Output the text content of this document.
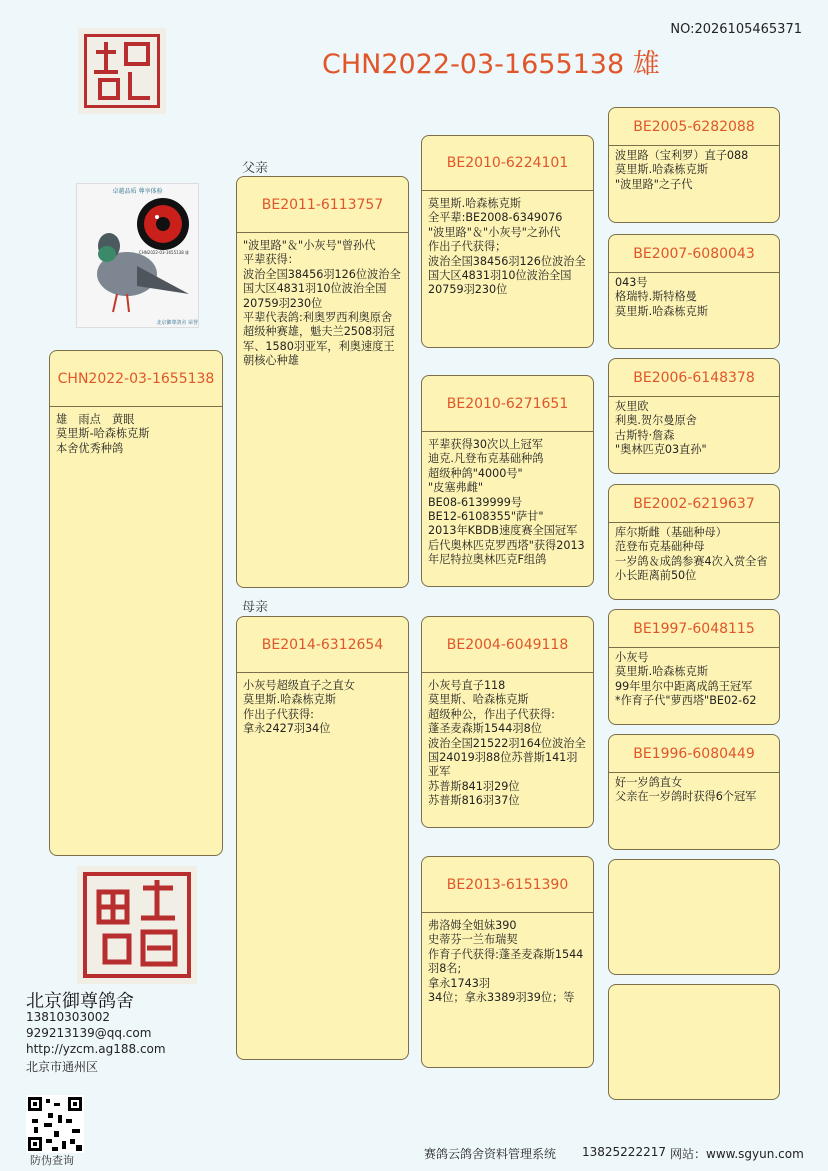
NO:2026105465371
CHN2022-03-1655138 雄
卓越品质 尊享体验
CHN2022-03-1655138 雄
北京御尊鸽舍 荣誉
父亲
母亲
CHN2022-03-1655138
雄　雨点　黄眼
莫里斯-哈森栋克斯
本舍优秀种鸽
BE2011-6113757
"波里路"＆"小灰号"曾孙代
平辈获得：
波治全国38456羽126位波治全国大区4831羽10位波治全国20759羽230位
平辈代表鸽:利奥罗西利奥原舍超级种赛雄，魁夫兰2508羽冠军、1580羽亚军，利奥速度王朝核心种雄
BE2014-6312654
小灰号超级直子之直女
莫里斯.哈森栋克斯
作出子代获得:
拿永2427羽34位
BE2010-6224101
莫里斯.哈森栋克斯
全平辈:BE2008-6349076
"波里路"＆"小灰号"之孙代
作出子代获得；
波治全国38456羽126位波治全国大区4831羽10位波治全国20759羽230位
BE2010-6271651
平辈获得30次以上冠军
迪克.凡登布克基础种鸽
超级种鸽"4000号"
"皮塞弗雌"
BE08-6139999号
BE12-6108355"萨甘"
2013年KBDB速度赛全国冠军 后代奥林匹克罗西塔"获得2013年尼特拉奥林匹克F组鸽
BE2004-6049118
小灰号直子118
莫里斯、哈森栋克斯
超级种公，作出子代获得:
蓬圣麦森斯1544羽8位
波治全国21522羽164位波治全国24019羽88位苏普斯141羽亚军
苏普斯841羽29位
苏普斯816羽37位
BE2013-6151390
弗洛姆全姐妹390
史蒂芬一兰布瑞契
作育子代获得:蓬圣麦森斯1544羽8名;
拿永1743羽
34位；拿永3389羽39位；等
BE2005-6282088
波里路（宝利罗）直子088
莫里斯.哈森栋克斯
"波里路"之子代
BE2007-6080043
043号
格瑞特.斯特格曼
莫里斯.哈森栋克斯
BE2006-6148378
灰里欧
利奥.贺尔曼原舍
古斯特·詹森
"奥林匹克03直孙"
BE2002-6219637
库尔斯雌（基础种母）
范登布克基础种母
一岁鸽＆成鸽参赛4次入赏全省小长距离前50位
BE1997-6048115
小灰号
莫里斯.哈森栋克斯
99年里尔中距离成鸽王冠军
*作育子代"萝西塔"BE02-62
BE1996-6080449
好一岁鸽直女
父亲在一岁鸽时获得6个冠军
北京御尊鸽舍
13810303002
929213139@qq.com
http://yzcm.ag188.com
北京市通州区
防伪查询	赛鸽云鸽舍资料管理系统 13825222217 网站：www.sgyun.com
